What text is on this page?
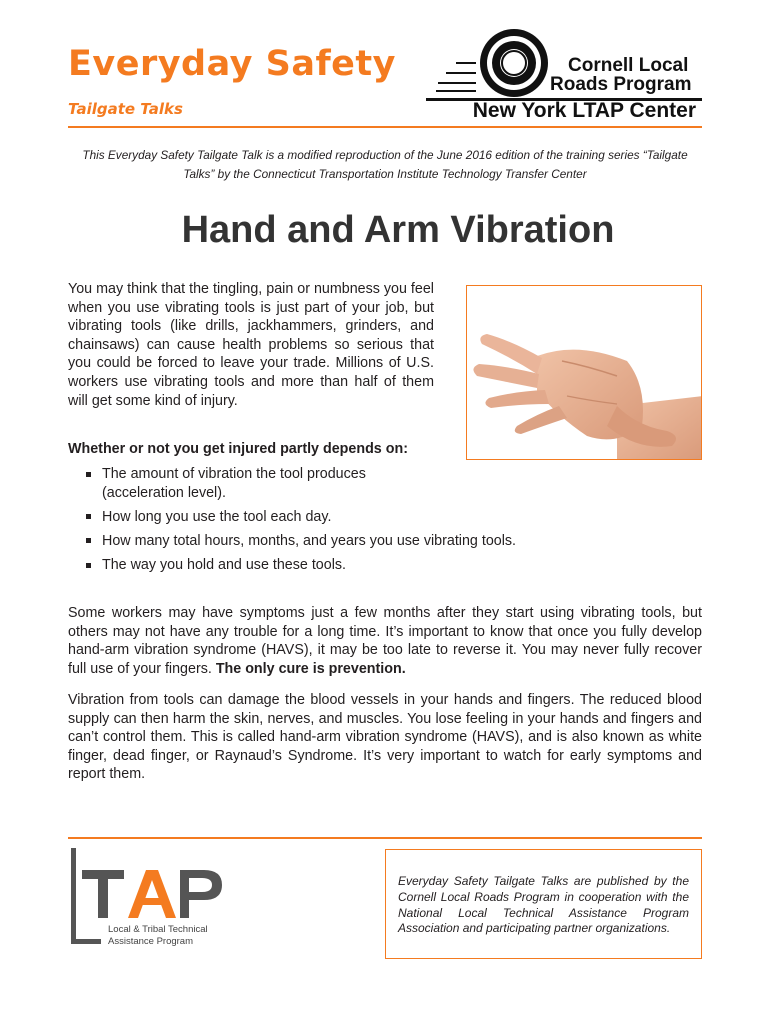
Everyday Safety
Tailgate Talks
Cornell Local
Roads Program
New York LTAP Center
This Everyday Safety Tailgate Talk is a modified reproduction of the June 2016 edition of the training series “Tailgate Talks” by the Connecticut Transportation Institute Technology Transfer Center
Hand and Arm Vibration
You may think that the tingling, pain or numbness you feel when you use vibrating tools is just part of your job, but vibrating tools (like drills, jackhammers, grinders, and chainsaws) can cause health problems so serious that you could be forced to leave your trade. Millions of U.S. workers use vibrating tools and more than half of them will get some kind of injury.
Whether or not you get injured partly depends on:
The amount of vibration the tool produces (acceleration level).
How long you use the tool each day.
How many total hours, months, and years you use vibrating tools.
The way you hold and use these tools.
Some workers may have symptoms just a few months after they start using vibrating tools, but others may not have any trouble for a long time. It’s important to know that once you fully develop hand-arm vibration syndrome (HAVS), it may be too late to reverse it. You may never fully recover full use of your fingers. The only cure is prevention.
Vibration from tools can damage the blood vessels in your hands and fingers. The reduced blood supply can then harm the skin, nerves, and muscles. You lose feeling in your hands and fingers and can’t control them. This is called hand-arm vibration syndrome (HAVS), and is also known as white finger, dead finger, or Raynaud’s Syndrome. It’s very important to watch for early symptoms and report them.
Local & Tribal Technical
Assistance Program

Everyday Safety Tailgate Talks are published by the Cornell Local Roads Program in cooperation with the National Local Technical Assistance Program Association and participating partner organizations.
